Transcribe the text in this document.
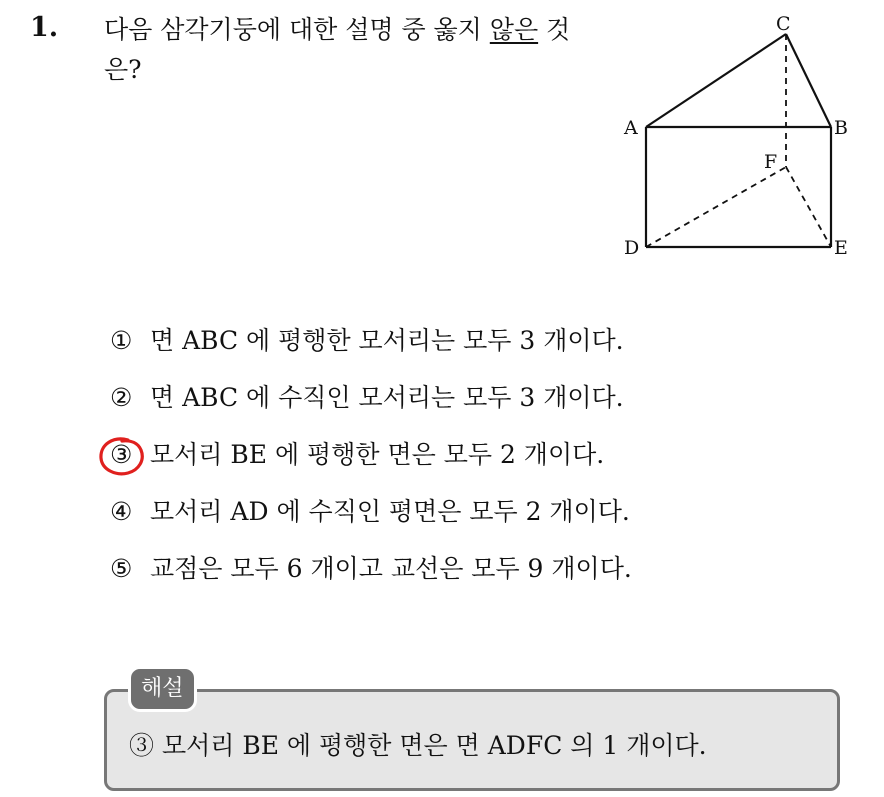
1. 다음 삼각기둥에 대한 설명 중 옳지 않은 것은?
C
A	B
F
D	E
① 면 ABC 에 평행한 모서리는 모두 3 개이다.
② 면 ABC 에 수직인 모서리는 모두 3 개이다.
③ 모서리 BE 에 평행한 면은 모두 2 개이다.
④ 모서리 AD 에 수직인 평면은 모두 2 개이다.
⑤ 교점은 모두 6 개이고 교선은 모두 9 개이다.
③ 모서리 BE 에 평행한 면은 면 ADFC 의 1 개이다.
해설
